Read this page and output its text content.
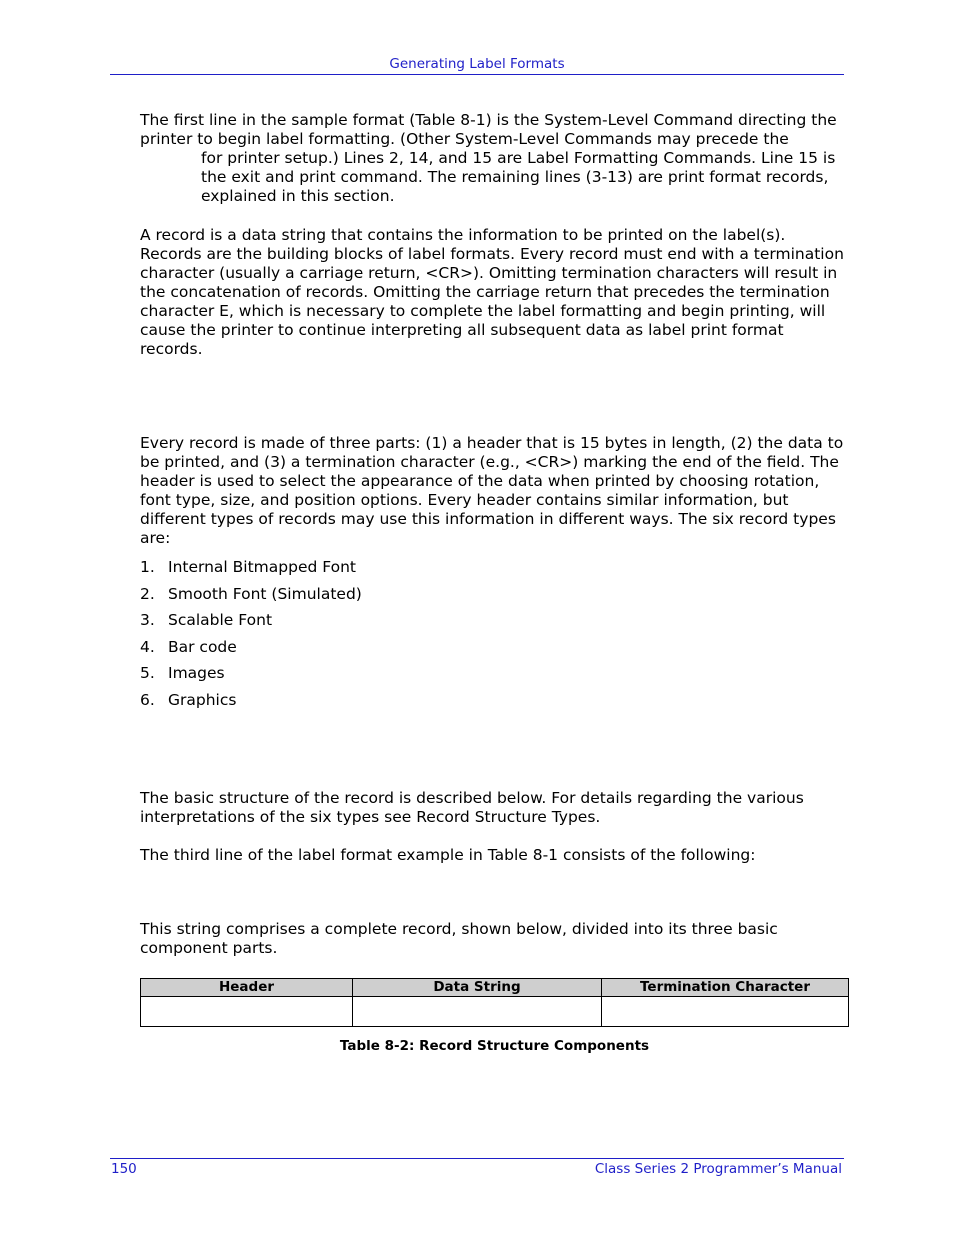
Generating Label Formats
The first line in the sample format (Table 8-1) is the System-Level Command directing the printer to begin label formatting. (Other System-Level Commands may precede the
for printer setup.) Lines 2, 14, and 15 are Label Formatting Commands. Line 15 is the exit and print command. The remaining lines (3-13) are print format records, explained in this section.

A record is a data string that contains the information to be printed on the label(s). Records are the building blocks of label formats. Every record must end with a termination character (usually a carriage return, <CR>). Omitting termination characters will result in the concatenation of records. Omitting the carriage return that precedes the termination character E, which is necessary to complete the label formatting and begin printing, will cause the printer to continue interpreting all subsequent data as label print format records.

Every record is made of three parts: (1) a header that is 15 bytes in length, (2) the data to be printed, and (3) a termination character (e.g., <CR>) marking the end of the field. The header is used to select the appearance of the data when printed by choosing rotation, font type, size, and position options. Every header contains similar information, but different types of records may use this information in different ways. The six record types are:

1. Internal Bitmapped Font
2. Smooth Font (Simulated)
3. Scalable Font
4. Bar code
5. Images
6. Graphics

The basic structure of the record is described below. For details regarding the various interpretations of the six types see Record Structure Types.

The third line of the label format example in Table 8-1 consists of the following:

This string comprises a complete record, shown below, divided into its three basic component parts.

Header	Data String	Termination Character

Table 8-2: Record Structure Components
150	Class Series 2 Programmer’s Manual
